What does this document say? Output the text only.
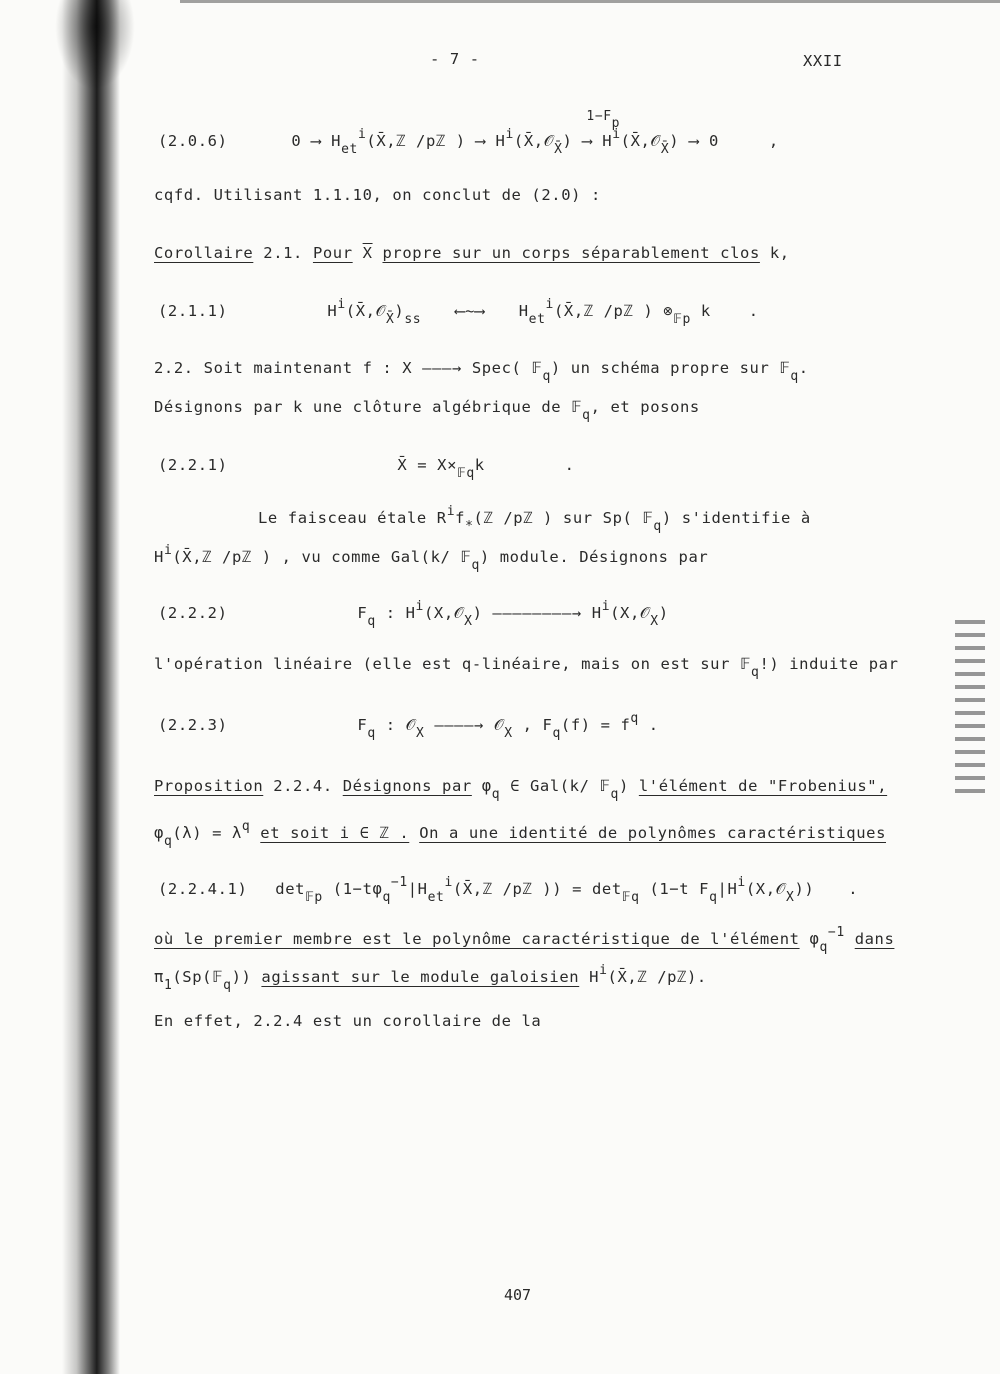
- 7 -	XXII
(2.0.6)	0 ⟶ $H_{et}^i(X̄,ℤ$ /pℤ ) ⟶ $H^i(X̄,𝒪_{X̄})$
1−Fp
⟶ $H^i(X̄,𝒪_{X̄})$ ⟶ 0	,
cqfd. Utilisant 1.1.10, on conclut de (2.0) :
Corollaire 2.1. Pour $\overline{X}$ propre sur un corps séparablement clos k,
(2.1.1)	$H^i(X̄,𝒪_{X̄})_{ss}$ ⟵~⟶ $H_{et}^i(X̄,ℤ$ /pℤ ) $\otimes_{𝔽p}$ k .
2.2. Soit maintenant f : X ———→ Spec( 𝔽$_q$) un schéma propre sur 𝔽$_q$.
Désignons par k une clôture algébrique de 𝔽$_q$, et posons
(2.2.1)	X̄ = $X\times_{𝔽q}k$	.
Le faisceau étale $R^if_*(ℤ$ /pℤ ) sur Sp( 𝔽$_q$) s'identifie à
$H^i(X̄,ℤ$ /pℤ ) , vu comme Gal(k/ 𝔽$_q$) module. Désignons par
(2.2.2)	$F_q$ : $H^i(X,𝒪_X)$ ————————→ $H^i(X,𝒪_X)$
l'opération linéaire (elle est q-linéaire, mais on est sur 𝔽$_q$!) induite par
(2.2.3)	$F_q$ : 𝒪$_X$ ————→ 𝒪$_X$ , $F_q(f) = f^q$ .
Proposition 2.2.4. Désignons par $\varphi_q$ ∈ Gal(k/ 𝔽$_q$) l'élément de "Frobenius",
$\varphi_q(\lambda) = \lambda^q$ et soit i ∈ ℤ . On a une identité de polynômes caractéristiques
(2.2.4.1) $\det_{𝔽p}$ ($1-t\varphi_q^{-1}|H_{et}^i(X̄,ℤ$ /pℤ )) = $\det_{𝔽q} (1-t$ $F_q|H^i(X,𝒪_X)$) .
où le premier membre est le polynôme caractéristique de l'élément $\varphi_q^{-1}$ dans
$\pi_1(Sp(𝔽_q))$ agissant sur le module galoisien $H^i(X̄,ℤ$ /pℤ).
En effet, 2.2.4 est un corollaire de la
407
